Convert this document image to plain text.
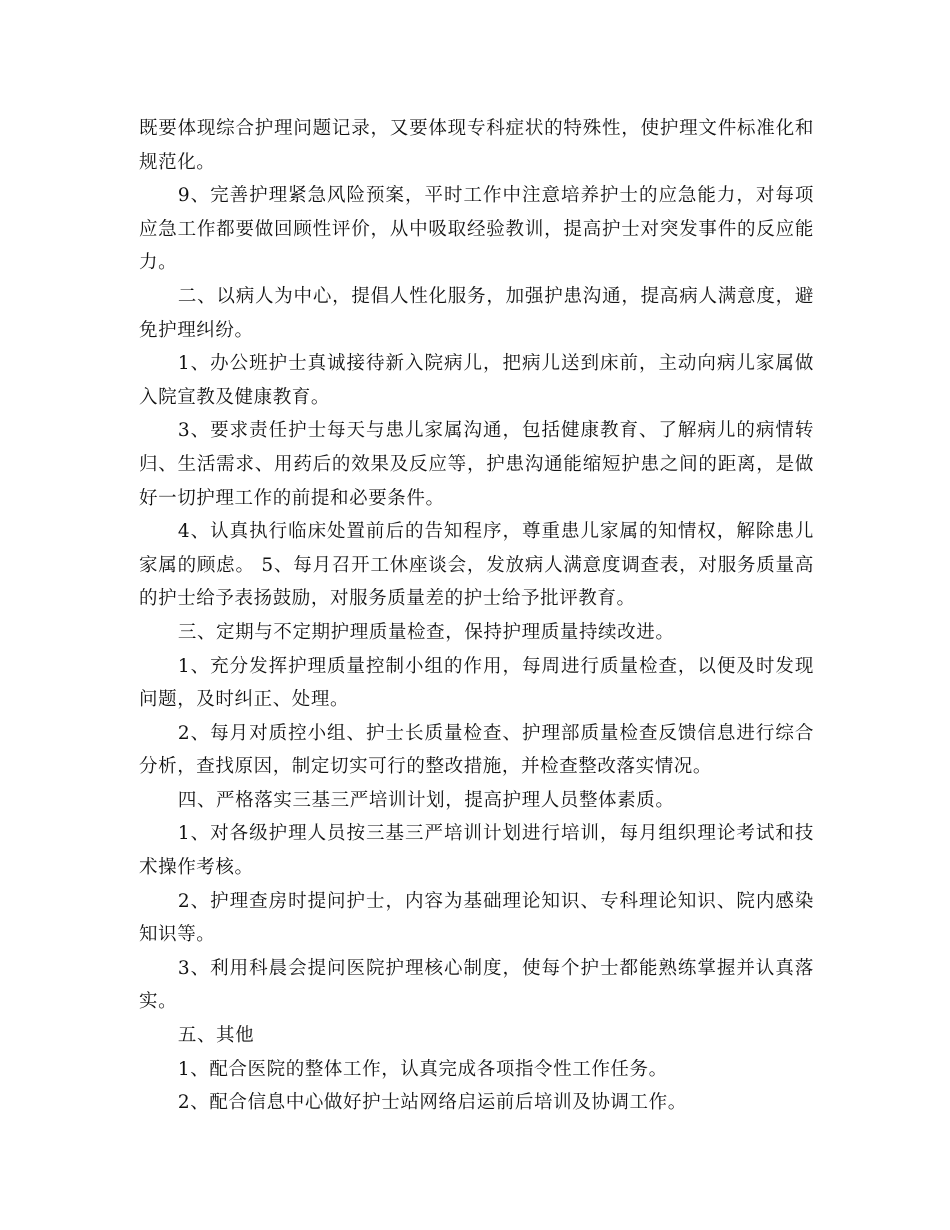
既要体现综合护理问题记录，又要体现专科症状的特殊性，使护理文件标准化和规范化。

9、完善护理紧急风险预案，平时工作中注意培养护士的应急能力，对每项应急工作都要做回顾性评价，从中吸取经验教训，提高护士对突发事件的反应能力。

二、以病人为中心，提倡人性化服务，加强护患沟通，提高病人满意度，避免护理纠纷。

1、办公班护士真诚接待新入院病儿，把病儿送到床前，主动向病儿家属做入院宣教及健康教育。

3、要求责任护士每天与患儿家属沟通，包括健康教育、了解病儿的病情转归、生活需求、用药后的效果及反应等，护患沟通能缩短护患之间的距离，是做好一切护理工作的前提和必要条件。

4、认真执行临床处置前后的告知程序，尊重患儿家属的知情权，解除患儿家属的顾虑。 5、每月召开工休座谈会，发放病人满意度调查表，对服务质量高的护士给予表扬鼓励，对服务质量差的护士给予批评教育。

三、定期与不定期护理质量检查，保持护理质量持续改进。

1、充分发挥护理质量控制小组的作用，每周进行质量检查，以便及时发现问题，及时纠正、处理。

2、每月对质控小组、护士长质量检查、护理部质量检查反馈信息进行综合分析，查找原因，制定切实可行的整改措施，并检查整改落实情况。

四、严格落实三基三严培训计划，提高护理人员整体素质。

1、对各级护理人员按三基三严培训计划进行培训，每月组织理论考试和技术操作考核。

2、护理查房时提问护士，内容为基础理论知识、专科理论知识、院内感染知识等。

3、利用科晨会提问医院护理核心制度，使每个护士都能熟练掌握并认真落实。

五、其他

1、配合医院的整体工作，认真完成各项指令性工作任务。

2、配合信息中心做好护士站网络启运前后培训及协调工作。
